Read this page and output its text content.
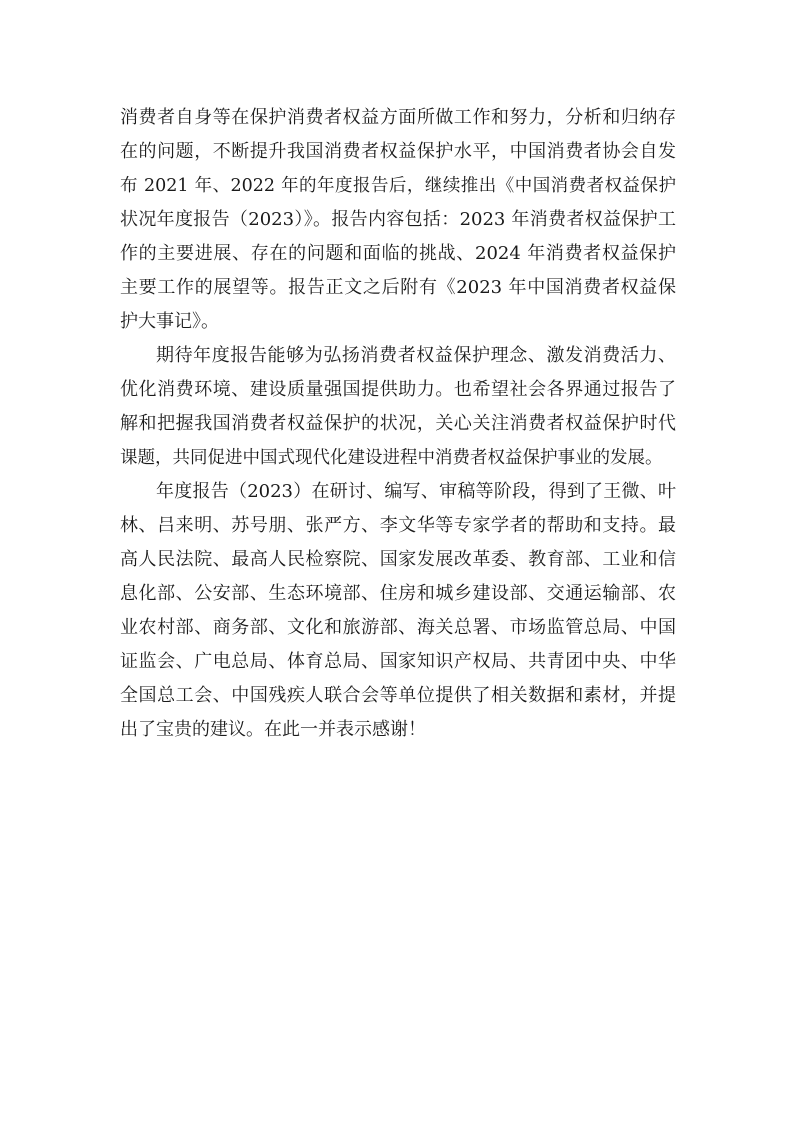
消费者自身等在保护消费者权益方面所做工作和努力，分析和归纳存
在的问题，不断提升我国消费者权益保护水平，中国消费者协会自发
布 2021 年、2022 年的年度报告后，继续推出《中国消费者权益保护
状况年度报告（2023）》。报告内容包括：2023 年消费者权益保护工
作的主要进展、存在的问题和面临的挑战、2024 年消费者权益保护
主要工作的展望等。报告正文之后附有《2023 年中国消费者权益保
护大事记》。
期待年度报告能够为弘扬消费者权益保护理念、激发消费活力、
优化消费环境、建设质量强国提供助力。也希望社会各界通过报告了
解和把握我国消费者权益保护的状况，关心关注消费者权益保护时代
课题，共同促进中国式现代化建设进程中消费者权益保护事业的发展。
年度报告（2023）在研讨、编写、审稿等阶段，得到了王微、叶
林、吕来明、苏号朋、张严方、李文华等专家学者的帮助和支持。最
高人民法院、最高人民检察院、国家发展改革委、教育部、工业和信
息化部、公安部、生态环境部、住房和城乡建设部、交通运输部、农
业农村部、商务部、文化和旅游部、海关总署、市场监管总局、中国
证监会、广电总局、体育总局、国家知识产权局、共青团中央、中华
全国总工会、中国残疾人联合会等单位提供了相关数据和素材，并提
出了宝贵的建议。在此一并表示感谢！
